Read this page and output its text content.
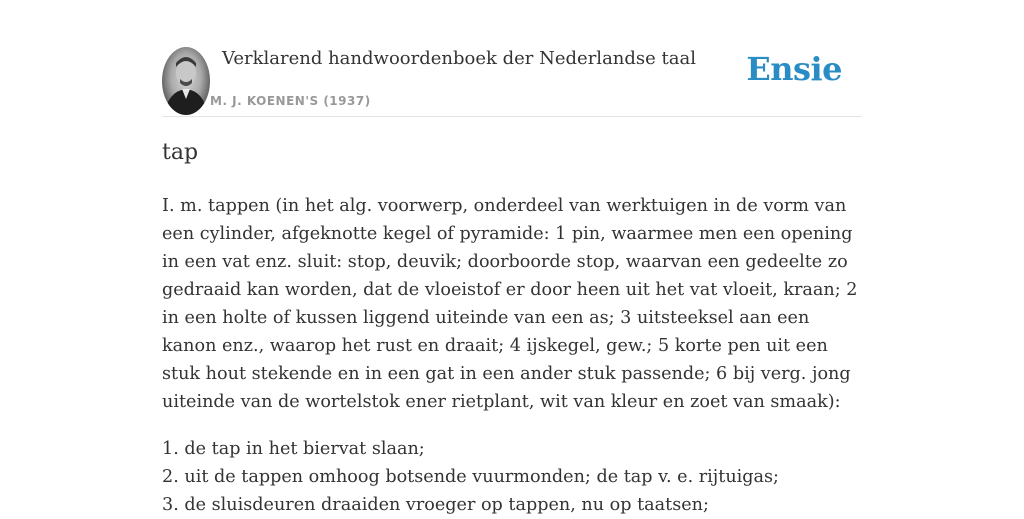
Verklarend handwoordenboek der Nederlandse taal
M. J. KOENEN'S (1937)
Ensie
tap

I. m. tappen (in het alg. voorwerp, onderdeel van werktuigen in de vorm van een cylinder, afgeknotte kegel of pyramide: 1 pin, waarmee men een opening in een vat enz. sluit: stop, deuvik; doorboorde stop, waarvan een gedeelte zo gedraaid kan worden, dat de vloeistof er door heen uit het vat vloeit, kraan; 2 in een holte of kussen liggend uiteinde van een as; 3 uitsteeksel aan een kanon enz., waarop het rust en draait; 4 ijskegel, gew.; 5 korte pen uit een stuk hout stekende en in een gat in een ander stuk passende; 6 bij verg. jong uiteinde van de wortelstok ener rietplant, wit van kleur en zoet van smaak):

1. de tap in het biervat slaan;
2. uit de tappen omhoog botsende vuurmonden; de tap v. e. rijtuigas;
3. de sluisdeuren draaiden vroeger op tappen, nu op taatsen;
